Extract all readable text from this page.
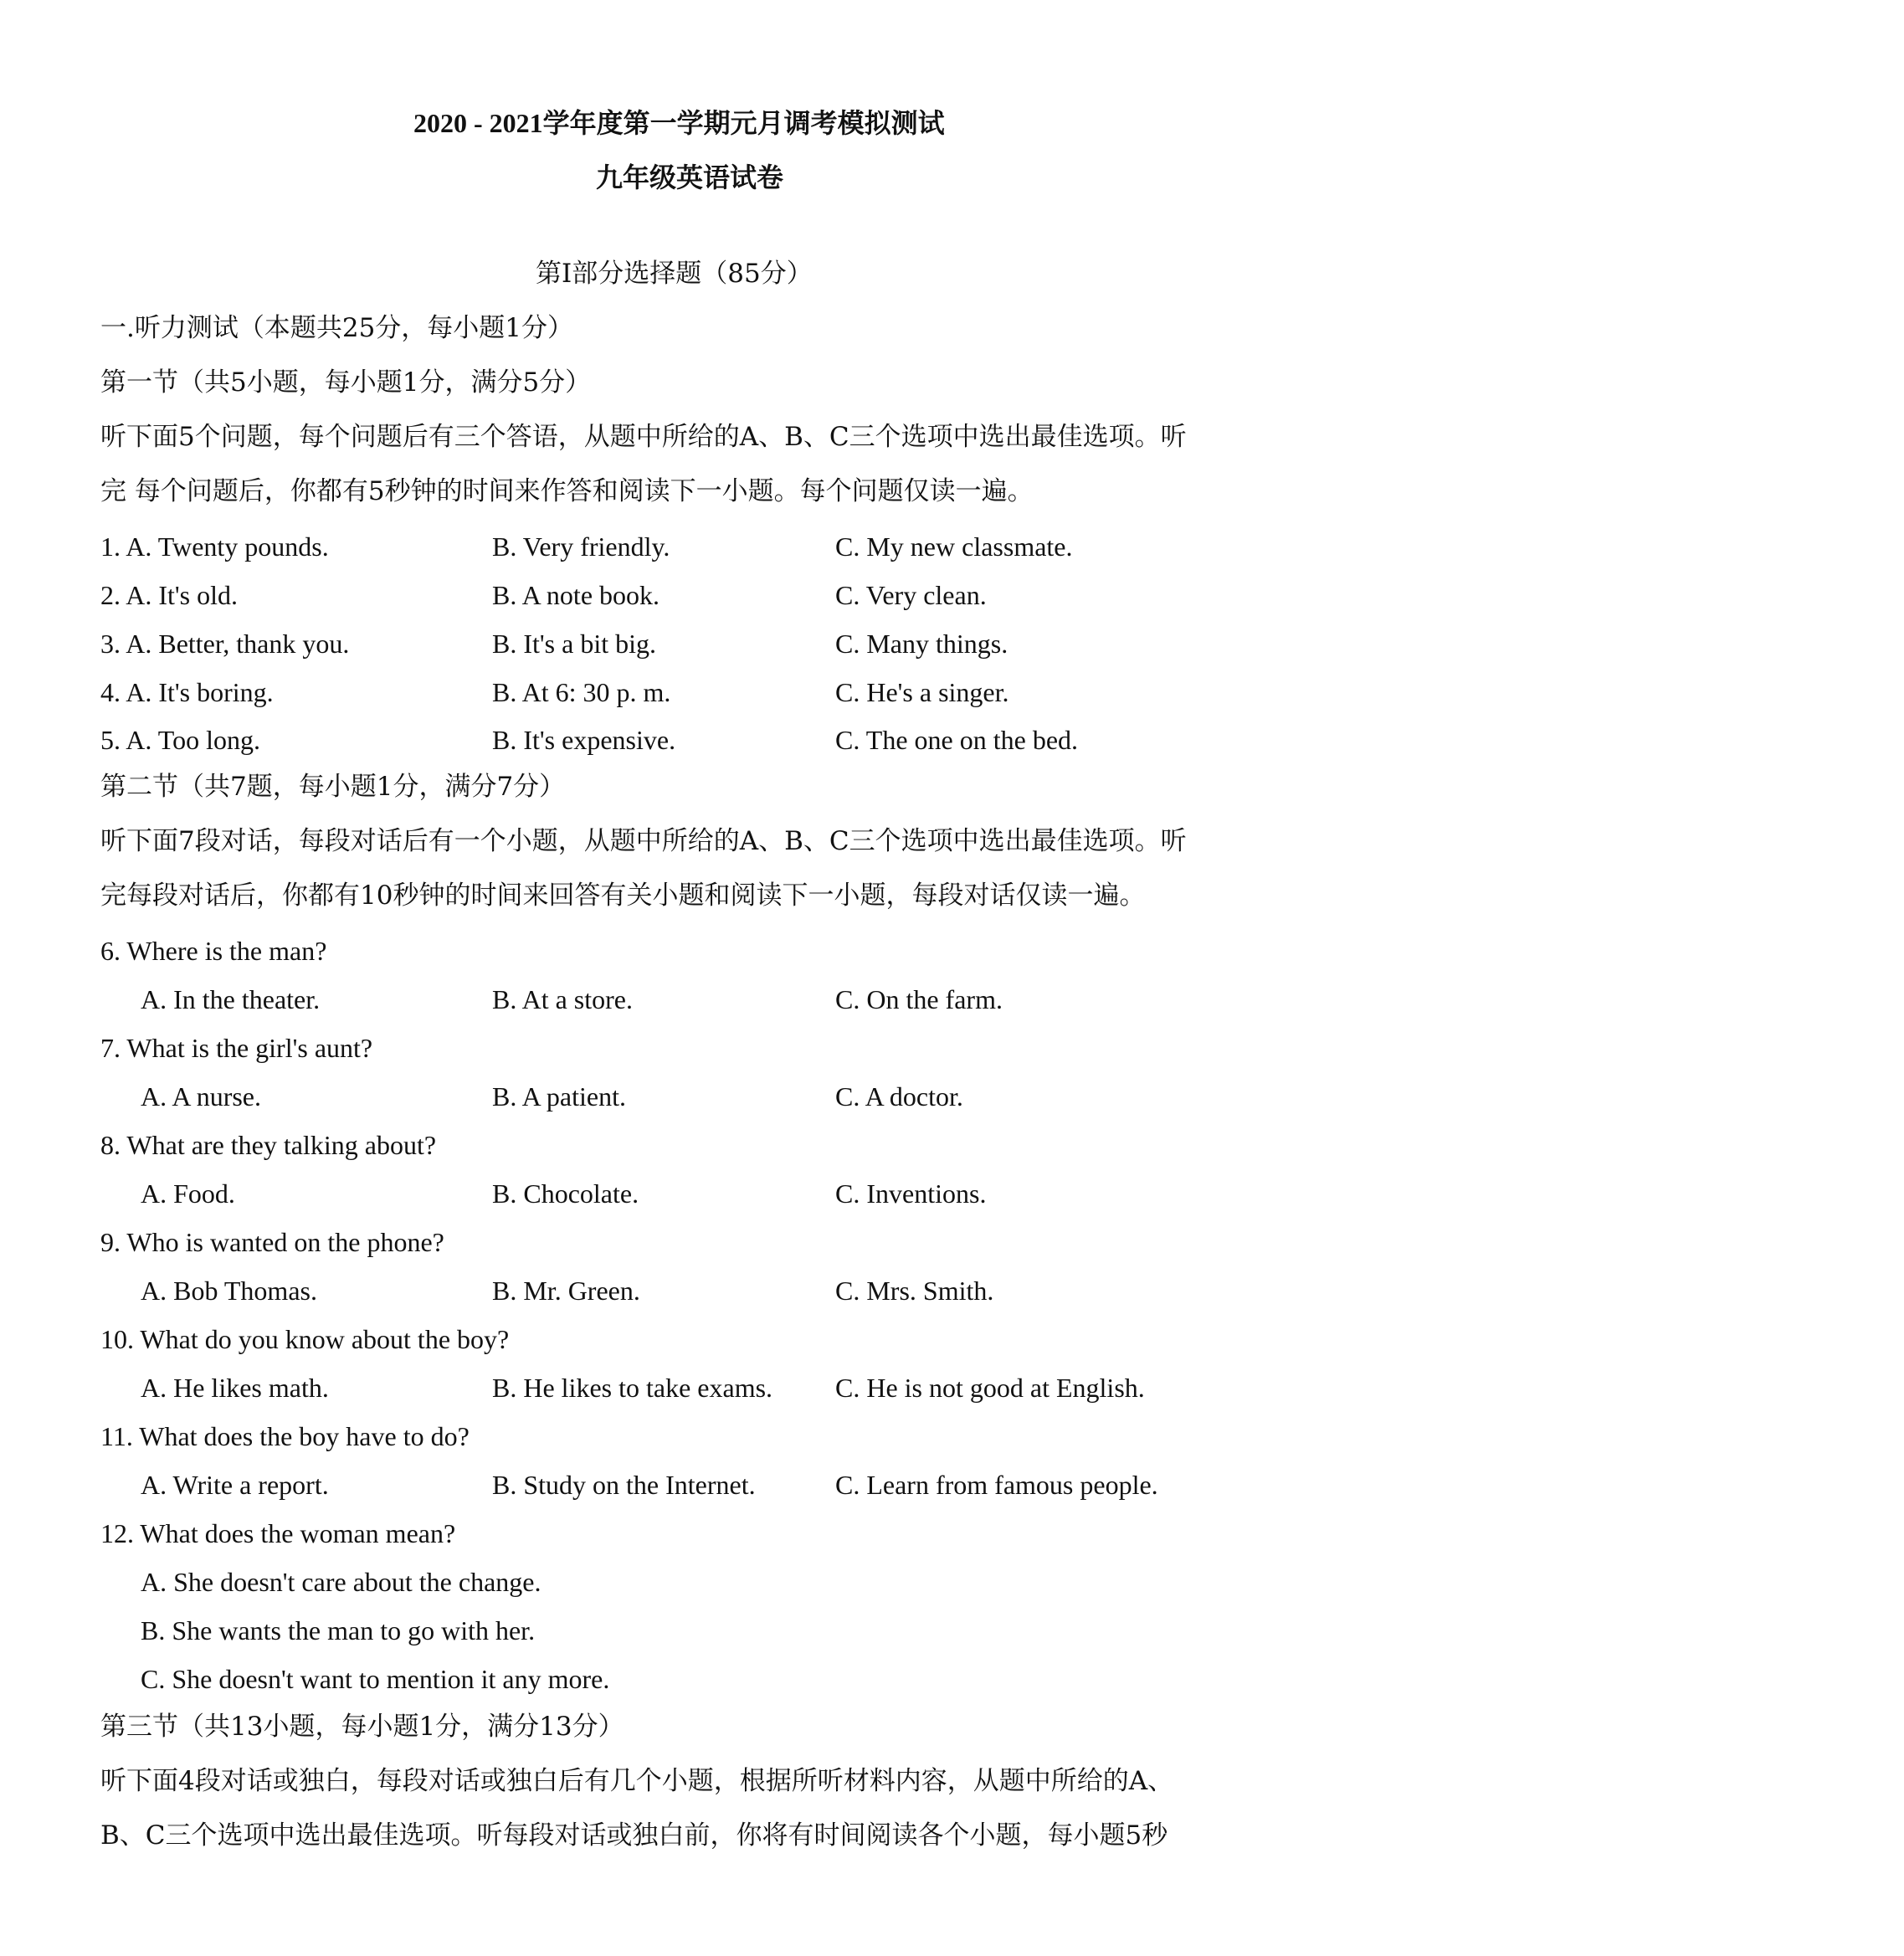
2020 - 2021学年度第一学期元月调考模拟测试
九年级英语试卷
第Ⅰ部分选择题（85分）
一.听力测试（本题共25分，每小题1分）
第一节（共5小题，每小题1分，满分5分）
听下面5个问题，每个问题后有三个答语，从题中所给的A、B、C三个选项中选出最佳选项。听
完 每个问题后，你都有5秒钟的时间来作答和阅读下一小题。每个问题仅读一遍。
1. A. Twenty pounds.	B. Very friendly.	C. My new classmate.
2. A. It's old.	B. A note book.	C. Very clean.
3. A. Better, thank you.	B. It's a bit big.	C. Many things.
4. A. It's boring.	B. At 6: 30 p. m.	C. He's a singer.
5. A. Too long.	B. It's expensive.	C. The one on the bed.
第二节（共7题，每小题1分，满分7分）
听下面7段对话，每段对话后有一个小题，从题中所给的A、B、C三个选项中选出最佳选项。听
完每段对话后，你都有10秒钟的时间来回答有关小题和阅读下一小题，每段对话仅读一遍。
6. Where is the man?
A. In the theater.	B. At a store.	C. On the farm.
7. What is the girl's aunt?
A. A nurse.	B. A patient.	C. A doctor.
8. What are they talking about?
A. Food.	B. Chocolate.	C. Inventions.
9. Who is wanted on the phone?
A. Bob Thomas.	B. Mr. Green.	C. Mrs. Smith.
10. What do you know about the boy?
A. He likes math.	B. He likes to take exams. C. He is not good at English.
11. What does the boy have to do?
A. Write a report.	B. Study on the Internet.	C. Learn from famous people.
12. What does the woman mean?
A. She doesn't care about the change.
B. She wants the man to go with her.
C. She doesn't want to mention it any more.
第三节（共13小题，每小题1分，满分13分）
听下面4段对话或独白，每段对话或独白后有几个小题，根据所听材料内容，从题中所给的A、
B、C三个选项中选出最佳选项。听每段对话或独白前，你将有时间阅读各个小题，每小题5秒
